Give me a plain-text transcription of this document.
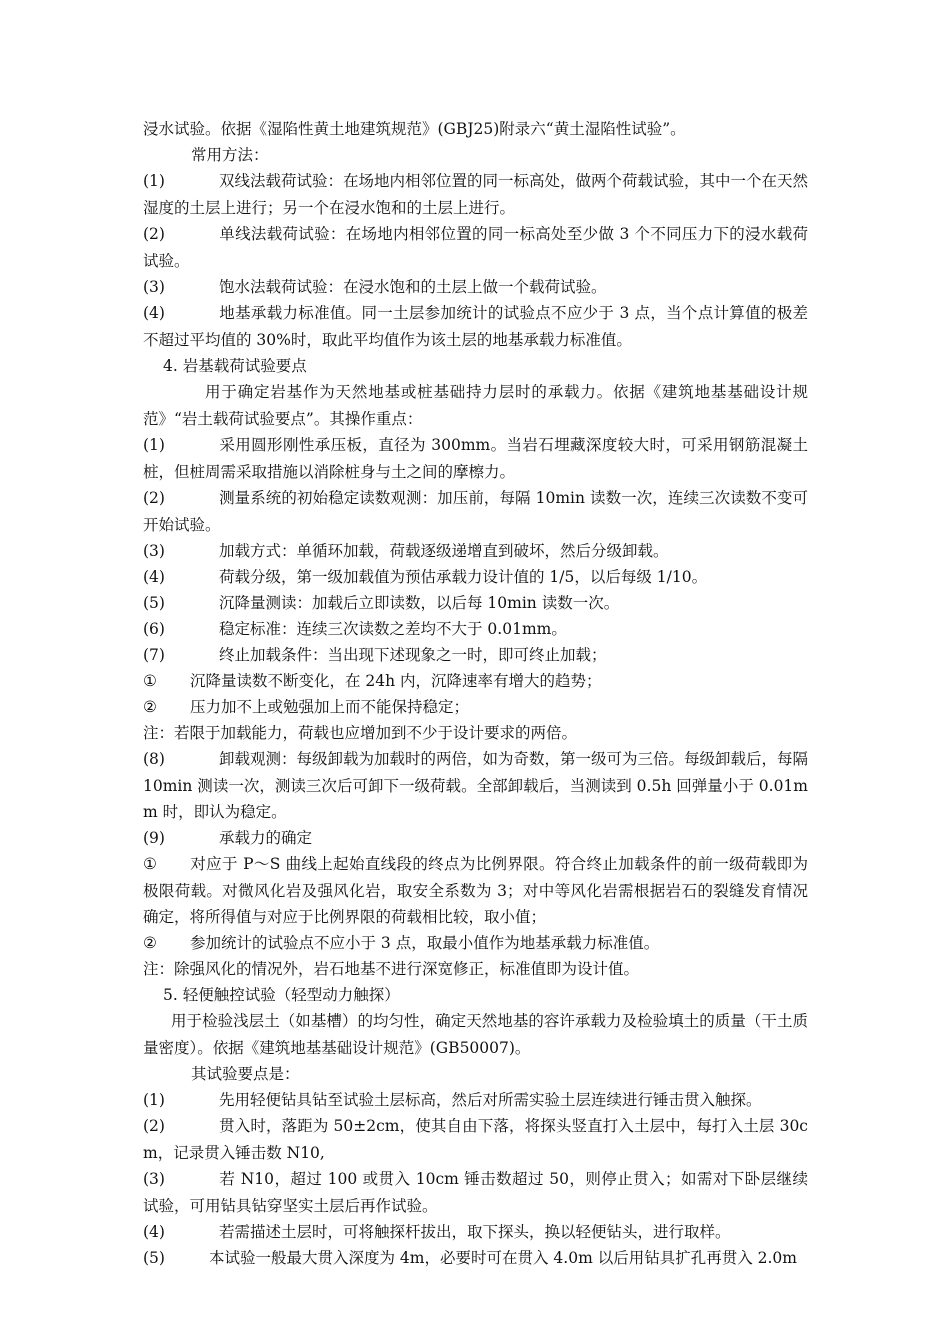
浸水试验。依据《湿陷性黄土地建筑规范》(GBJ25)附录六“黄土湿陷性试验”。
常用方法：
(1)	双线法载荷试验：在场地内相邻位置的同一标高处，做两个荷载试验，其中一个在天然湿度的土层上进行；另一个在浸水饱和的土层上进行。
(2)	单线法载荷试验：在场地内相邻位置的同一标高处至少做 3 个不同压力下的浸水载荷试验。
(3)	饱水法载荷试验：在浸水饱和的土层上做一个载荷试验。
(4)	地基承载力标准值。同一土层参加统计的试验点不应少于 3 点，当个点计算值的极差不超过平均值的 30%时，取此平均值作为该土层的地基承载力标准值。
4. 岩基载荷试验要点
用于确定岩基作为天然地基或桩基础持力层时的承载力。依据《建筑地基基础设计规范》“岩土载荷试验要点”。其操作重点：
(1)	采用圆形刚性承压板，直径为 300mm。当岩石埋藏深度较大时，可采用钢筋混凝土桩，但桩周需采取措施以消除桩身与土之间的摩檫力。
(2)	测量系统的初始稳定读数观测：加压前，每隔 10min 读数一次，连续三次读数不变可开始试验。
(3)	加载方式：单循环加载，荷载逐级递增直到破坏，然后分级卸载。
(4)	荷载分级，第一级加载值为预估承载力设计值的 1/5，以后每级 1/10。
(5)	沉降量测读：加载后立即读数，以后每 10min 读数一次。
(6)	稳定标准：连续三次读数之差均不大于 0.01mm。
(7)	终止加载条件：当出现下述现象之一时，即可终止加载；
① 沉降量读数不断变化，在 24h 内，沉降速率有增大的趋势；
② 压力加不上或勉强加上而不能保持稳定；
注：若限于加载能力，荷载也应增加到不少于设计要求的两倍。
(8)	卸载观测：每级卸载为加载时的两倍，如为奇数，第一级可为三倍。每级卸载后，每隔 10min 测读一次，测读三次后可卸下一级荷载。全部卸载后，当测读到 0.5h 回弹量小于 0.01mm 时，即认为稳定。
(9)	承载力的确定
① 对应于 P～S 曲线上起始直线段的终点为比例界限。符合终止加载条件的前一级荷载即为极限荷载。对微风化岩及强风化岩，取安全系数为 3；对中等风化岩需根据岩石的裂缝发育情况确定，将所得值与对应于比例界限的荷载相比较，取小值；
② 参加统计的试验点不应小于 3 点，取最小值作为地基承载力标准值。
注：除强风化的情况外，岩石地基不进行深宽修正，标准值即为设计值。
5. 轻便触控试验（轻型动力触探）
用于检验浅层土（如基槽）的均匀性，确定天然地基的容许承载力及检验填土的质量（干土质量密度）。依据《建筑地基基础设计规范》(GB50007)。
其试验要点是：
(1)	先用轻便钻具钻至试验土层标高，然后对所需实验土层连续进行锤击贯入触探。
(2)	贯入时，落距为 50±2cm，使其自由下落，将探头竖直打入土层中，每打入土层 30cm，记录贯入锤击数 N10,
(3)	若 N10，超过 100 或贯入 10cm 锤击数超过 50，则停止贯入；如需对下卧层继续试验，可用钻具钻穿坚实土层后再作试验。
(4)	若需描述土层时，可将触探杆拔出，取下探头，换以轻便钻头，进行取样。
(5)	本试验一般最大贯入深度为 4m，必要时可在贯入 4.0m 以后用钻具扩孔再贯入 2.0m
